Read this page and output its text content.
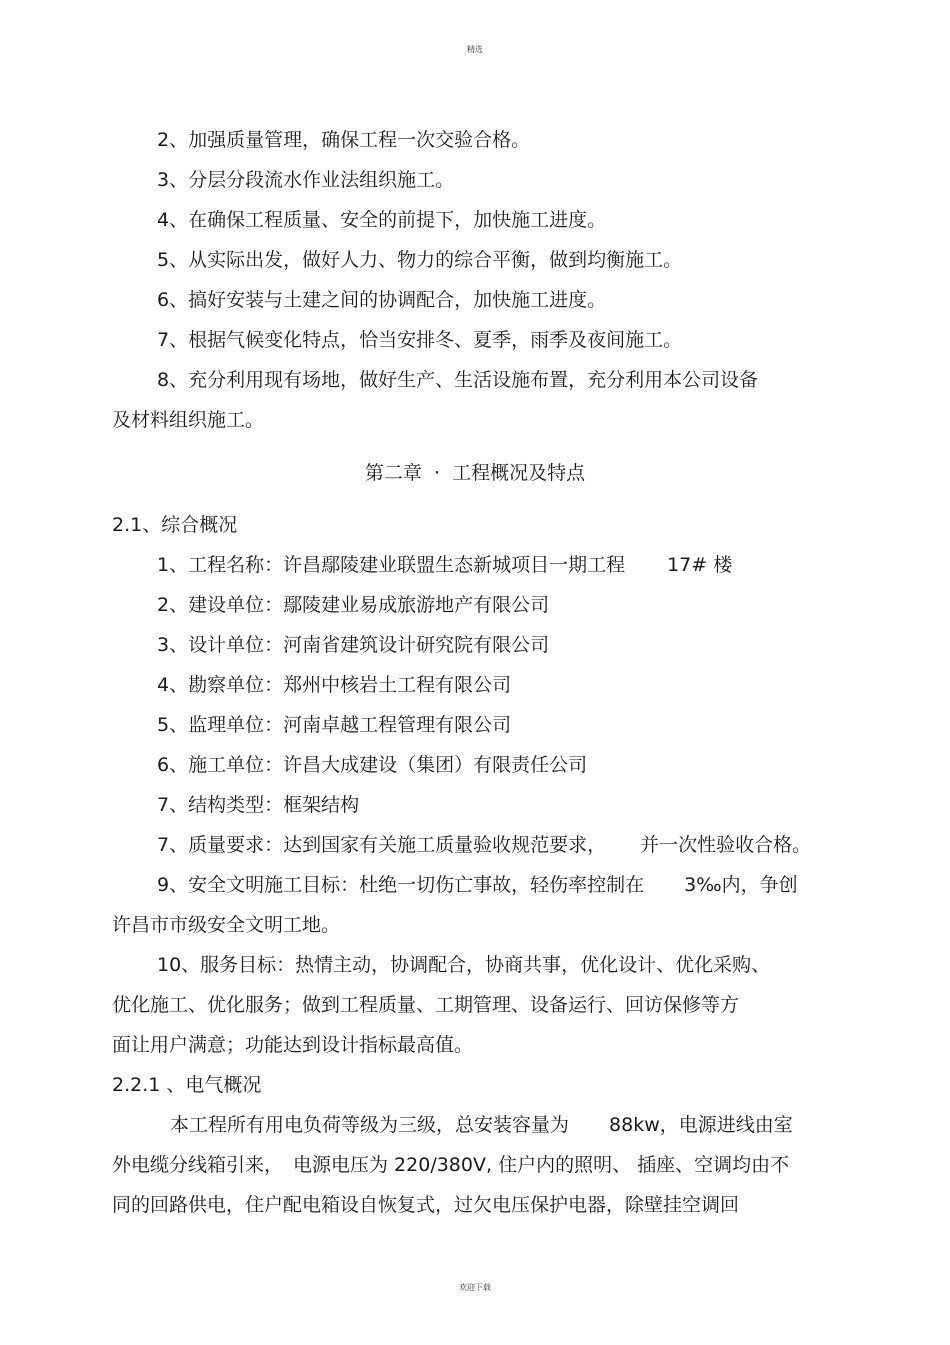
精选
2、加强质量管理，确保工程一次交验合格。
3、分层分段流水作业法组织施工。
4、在确保工程质量、安全的前提下，加快施工进度。
5、从实际出发，做好人力、物力的综合平衡，做到均衡施工。
6、搞好安装与土建之间的协调配合，加快施工进度。
7、根据气候变化特点，恰当安排冬、夏季，雨季及夜间施工。
8、充分利用现有场地，做好生产、生活设施布置，充分利用本公司设备
及材料组织施工。
第二章  ·  工程概况及特点
2.1、综合概况
1、工程名称：许昌鄢陵建业联盟生态新城项目一期工程 17# 楼
2、建设单位：鄢陵建业易成旅游地产有限公司
3、设计单位：河南省建筑设计研究院有限公司
4、勘察单位：郑州中核岩土工程有限公司
5、监理单位：河南卓越工程管理有限公司
6、施工单位：许昌大成建设（集团）有限责任公司
7、结构类型：框架结构
7、质量要求：达到国家有关施工质量验收规范要求， 并一次性验收合格。
9、安全文明施工目标：杜绝一切伤亡事故，轻伤率控制在 3‰内，争创
许昌市市级安全文明工地。
10、服务目标：热情主动，协调配合，协商共事，优化设计、优化采购、
优化施工、优化服务；做到工程质量、工期管理、设备运行、回访保修等方
面让用户满意；功能达到设计指标最高值。
2.2.1 、电气概况
本工程所有用电负荷等级为三级，总安装容量为 88kw，电源进线由室
外电缆分线箱引来， 电源电压为 220/380V, 住户内的照明、 插座、空调均由不
同的回路供电，住户配电箱设自恢复式，过欠电压保护电器，除壁挂空调回
欢迎下载
